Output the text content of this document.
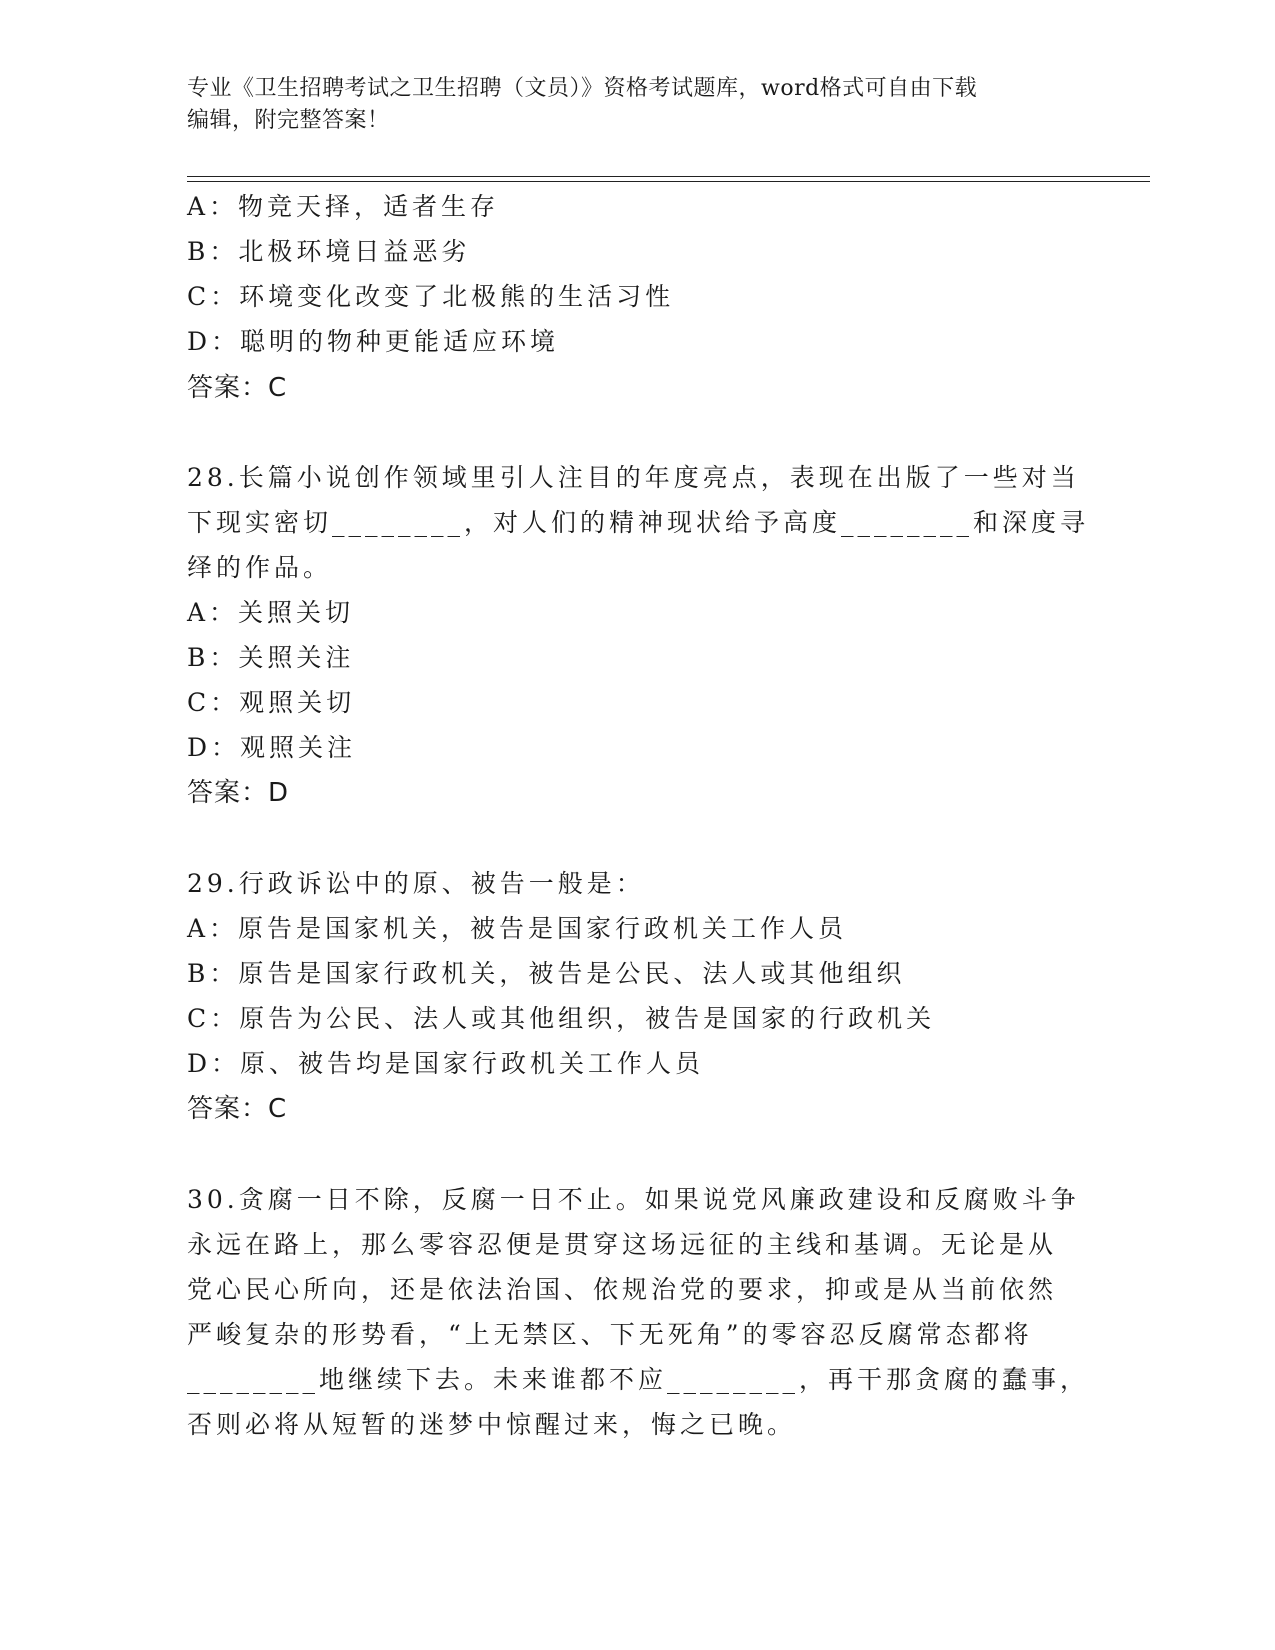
专业《卫生招聘考试之卫生招聘（文员）》资格考试题库，word格式可自由下载
编辑，附完整答案！
A：物竞天择，适者生存
B：北极环境日益恶劣
C：环境变化改变了北极熊的生活习性
D：聪明的物种更能适应环境
答案：C
28.长篇小说创作领域里引人注目的年度亮点，表现在出版了一些对当
下现实密切________，对人们的精神现状给予高度________和深度寻
绎的作品。
A：关照关切
B：关照关注
C：观照关切
D：观照关注
答案：D
29.行政诉讼中的原、被告一般是：
A：原告是国家机关，被告是国家行政机关工作人员
B：原告是国家行政机关，被告是公民、法人或其他组织
C：原告为公民、法人或其他组织，被告是国家的行政机关
D：原、被告均是国家行政机关工作人员
答案：C
30.贪腐一日不除，反腐一日不止。如果说党风廉政建设和反腐败斗争
永远在路上，那么零容忍便是贯穿这场远征的主线和基调。无论是从
党心民心所向，还是依法治国、依规治党的要求，抑或是从当前依然
严峻复杂的形势看，“上无禁区、下无死角”的零容忍反腐常态都将
________地继续下去。未来谁都不应________，再干那贪腐的蠢事，
否则必将从短暂的迷梦中惊醒过来，悔之已晚。
